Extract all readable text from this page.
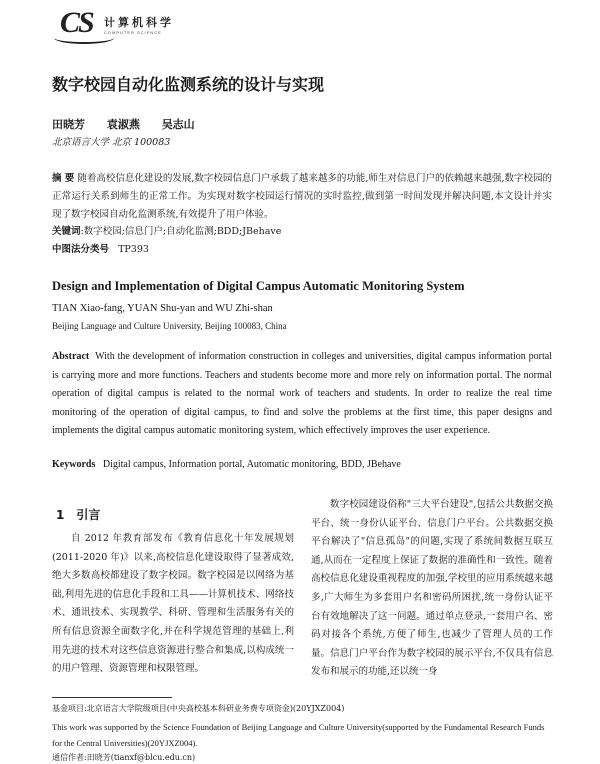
CS 计算机科学
COMPUTER SCIENCE
数字校园自动化监测系统的设计与实现
田晓芳 袁淑燕 吴志山
北京语言大学 北京 100083
摘 要 随着高校信息化建设的发展,数字校园信息门户承载了越来越多的功能,师生对信息门户的依赖越来越强,数字校园的正常运行关系到师生的正常工作。为实现对数字校园运行情况的实时监控,做到第一时间发现并解决问题,本文设计并实现了数字校园自动化监测系统,有效提升了用户体验。
关键词:数字校园;信息门户;自动化监测;BDD;JBehave
中图法分类号 TP393
Design and Implementation of Digital Campus Automatic Monitoring System
TIAN Xiao-fang, YUAN Shu-yan and WU Zhi-shan
Beijing Language and Culture University, Beijing 100083, China
Abstract With the development of information construction in colleges and universities, digital campus information portal is carrying more and more functions. Teachers and students become more and more rely on information portal. The normal operation of digital campus is related to the normal work of teachers and students. In order to realize the real time monitoring of the operation of digital campus, to find and solve the problems at the first time, this paper designs and implements the digital campus automatic monitoring system, which effectively improves the user experience.
Keywords Digital campus, Information portal, Automatic monitoring, BDD, JBehave
1 引言
自 2012 年教育部发布《教育信息化十年发展规划(2011-2020 年)》以来,高校信息化建设取得了显著成效,绝大多数高校都建设了数字校园。数字校园是以网络为基础,利用先进的信息化手段和工具——计算机技术、网络技术、通讯技术、实现教学、科研、管理和生活服务有关的所有信息资源全面数字化,并在科学规范管理的基础上,利用先进的技术对这些信息资源进行整合和集成,以构成统一的用户管理、资源管理和权限管理。
数字校园建设俗称"三大平台建设",包括公共数据交换平台、统一身份认证平台、信息门户平台。公共数据交换平台解决了"信息孤岛"的问题,实现了系统间数据互联互通,从而在一定程度上保证了数据的准确性和一致性。随着高校信息化建设重视程度的加强,学校里的应用系统越来越多,广大师生为多套用户名和密码所困扰,统一身份认证平台有效地解决了这一问题。通过单点登录,一套用户名、密码对接各个系统,方便了师生,也减少了管理人员的工作量。信息门户平台作为数字校园的展示平台,不仅具有信息发布和展示的功能,还以统一身
基金项目:北京语言大学院级项目(中央高校基本科研业务费专项资金)(20YJXZ004)
This work was supported by the Science Foundation of Beijing Language and Culture University(supported by the Fundamental Research Funds for the Central Universities)(20YJXZ004).
通信作者:田晓芳(tianxf@blcu.edu.cn)
